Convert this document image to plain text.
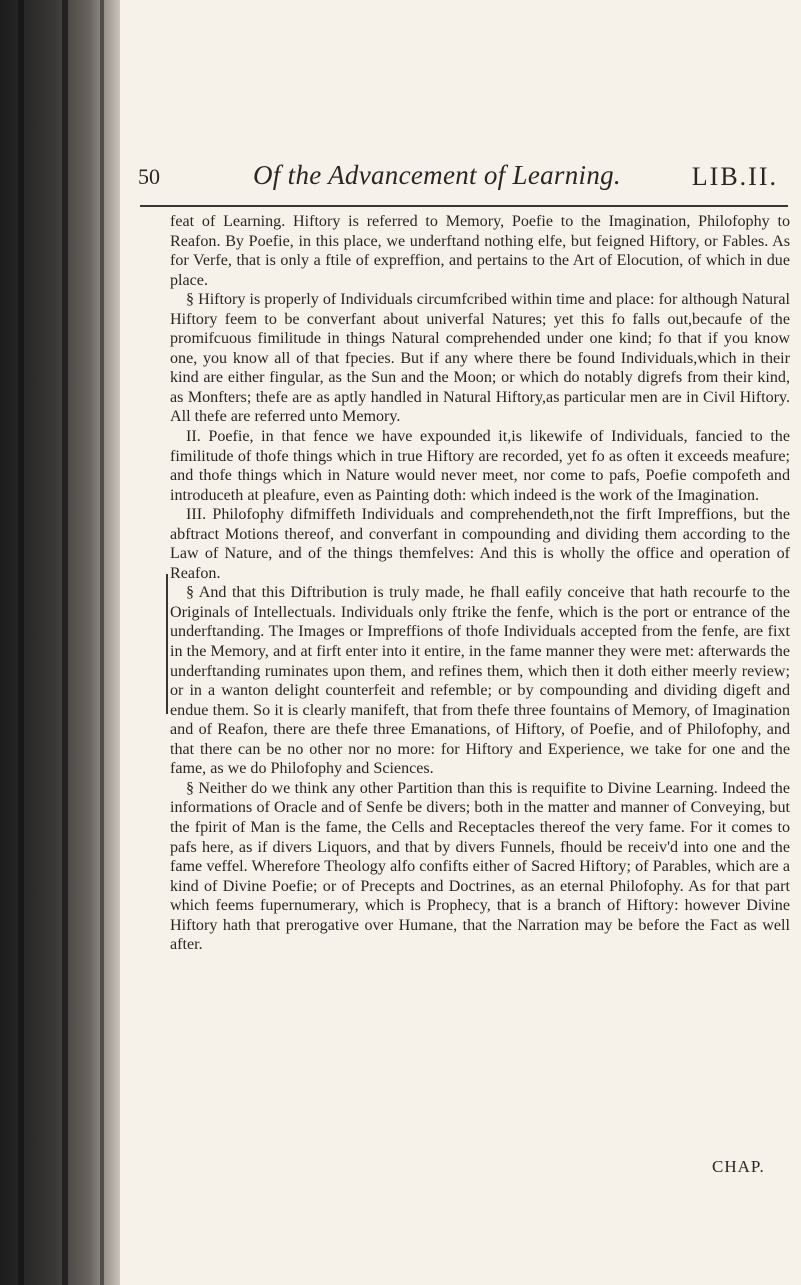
50	Of the Advancement of Learning.	LIB.II.

feat of Learning. Hiftory is referred to Memory, Poefie to the Imagination, Philofophy to Reafon. By Poefie, in this place, we underftand nothing elfe, but feigned Hiftory, or Fables. As for Verfe, that is only a ftile of expreffion, and pertains to the Art of Elocution, of which in due place.

§ Hiftory is properly of Individuals circumfcribed within time and place: for although Natural Hiftory feem to be converfant about univerfal Natures; yet this fo falls out,becaufe of the promifcuous fimilitude in things Natural comprehended under one kind; fo that if you know one, you know all of that fpecies. But if any where there be found Individuals,which in their kind are either fingular, as the Sun and the Moon; or which do notably digrefs from their kind, as Monfters; thefe are as aptly handled in Natural Hiftory,as particular men are in Civil Hiftory. All thefe are referred unto Memory.

II. Poefie, in that fence we have expounded it,is likewife of Individuals, fancied to the fimilitude of thofe things which in true Hiftory are recorded, yet fo as often it exceeds meafure; and thofe things which in Nature would never meet, nor come to pafs, Poefie compofeth and introduceth at pleafure, even as Painting doth: which indeed is the work of the Imagination.

III. Philofophy difmiffeth Individuals and comprehendeth,not the firft Impreffions, but the abftract Motions thereof, and converfant in compounding and dividing them according to the Law of Nature, and of the things themfelves: And this is wholly the office and operation of Reafon.

§ And that this Diftribution is truly made, he fhall eafily conceive that hath recourfe to the Originals of Intellectuals. Individuals only ftrike the fenfe, which is the port or entrance of the underftanding. The Images or Impreffions of thofe Individuals accepted from the fenfe, are fixt in the Memory, and at firft enter into it entire, in the fame manner they were met: afterwards the underftanding ruminates upon them, and refines them, which then it doth either meerly review; or in a wanton delight counterfeit and refemble; or by compounding and dividing digeft and endue them. So it is clearly manifeft, that from thefe three fountains of Memory, of Imagination and of Reafon, there are thefe three Emanations, of Hiftory, of Poefie, and of Philofophy, and that there can be no other nor no more: for Hiftory and Experience, we take for one and the fame, as we do Philofophy and Sciences.

§ Neither do we think any other Partition than this is requifite to Divine Learning. Indeed the informations of Oracle and of Senfe be divers; both in the matter and manner of Conveying, but the fpirit of Man is the fame, the Cells and Receptacles thereof the very fame. For it comes to pafs here, as if divers Liquors, and that by divers Funnels, fhould be receiv'd into one and the fame veffel. Wherefore Theology alfo confifts either of Sacred Hiftory; of Parables, which are a kind of Divine Poefie; or of Precepts and Doctrines, as an eternal Philofophy. As for that part which feems fupernumerary, which is Prophecy, that is a branch of Hiftory: however Divine Hiftory hath that prerogative over Humane, that the Narration may be before the Fact as well after.

CHAP.
